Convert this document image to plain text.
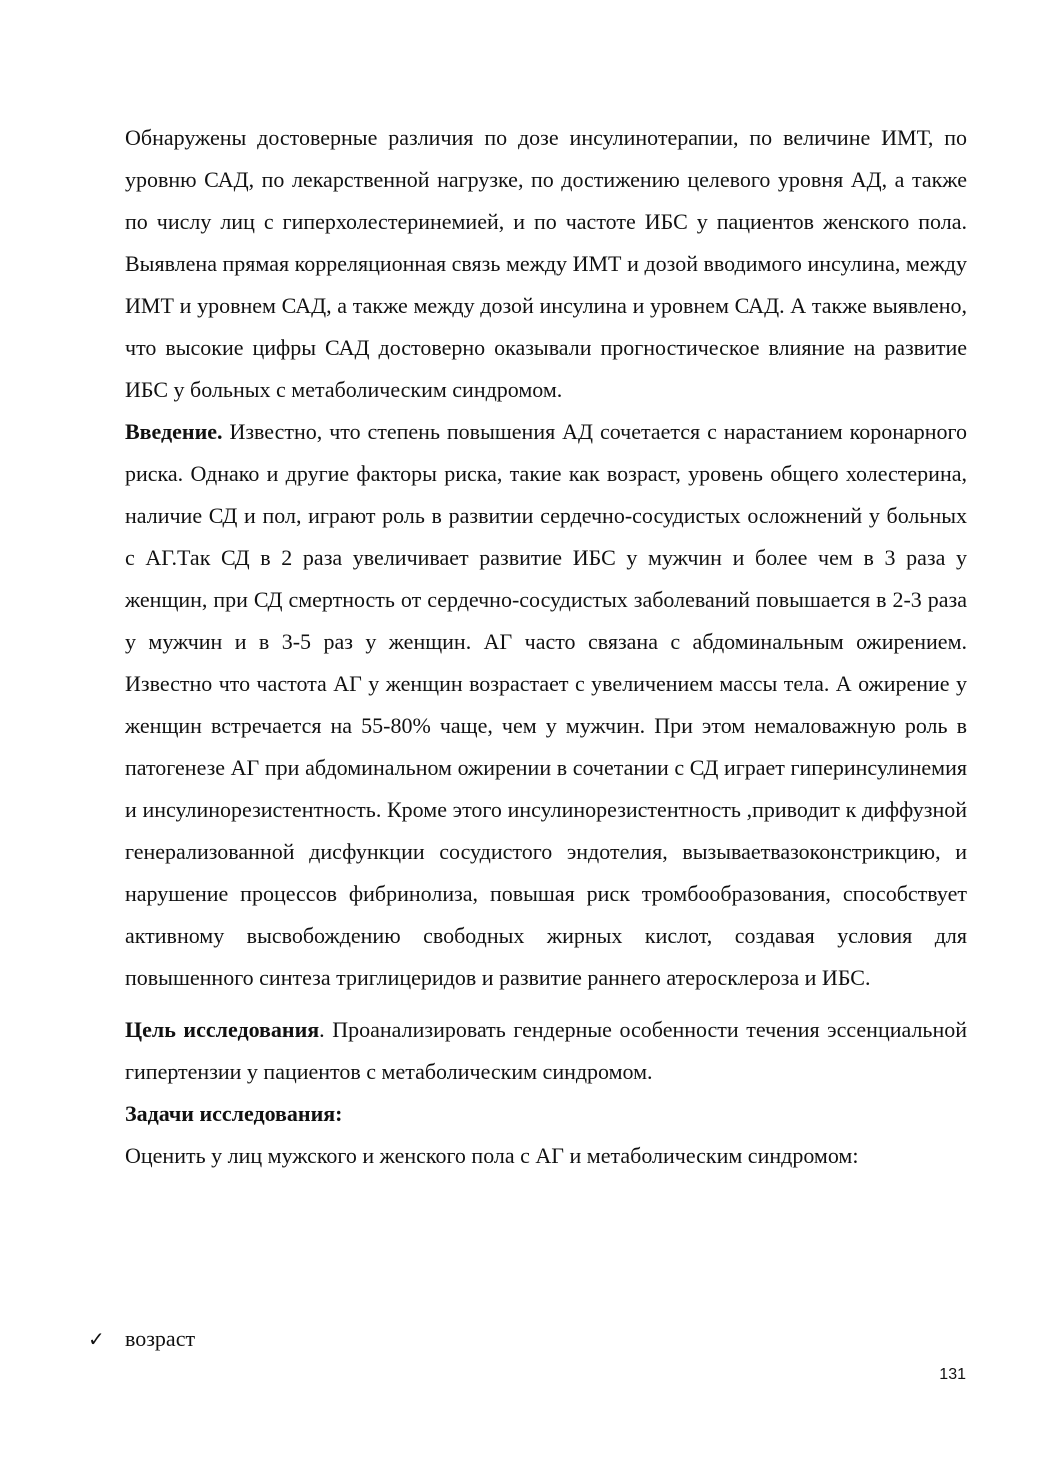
Обнаружены достоверные различия по дозе инсулинотерапии, по величине ИМТ, по уровню САД, по лекарственной нагрузке, по достижению целевого уровня АД, а также по числу лиц с гиперхолестеринемией, и по частоте ИБС у пациентов женского пола. Выявлена прямая корреляционная связь между ИМТ и дозой вводимого инсулина, между ИМТ и уровнем САД, а также между дозой инсулина и уровнем САД. А также выявлено, что высокие цифры САД достоверно оказывали прогностическое влияние на развитие ИБС у больных с метаболическим синдромом.

Введение. Известно, что степень повышения АД сочетается с нарастанием коронарного риска. Однако и другие факторы риска, такие как возраст, уровень общего холестерина, наличие СД и пол, играют роль в развитии сердечно-сосудистых осложнений у больных с АГ.Так СД в 2 раза увеличивает развитие ИБС у мужчин и более чем в 3 раза у женщин, при СД смертность от сердечно-сосудистых заболеваний повышается в 2-3 раза у мужчин и в 3-5 раз у женщин. АГ часто связана с абдоминальным ожирением. Известно что частота АГ у женщин возрастает с увеличением массы тела. А ожирение у женщин встречается на 55-80% чаще, чем у мужчин. При этом немаловажную роль в патогенезе АГ при абдоминальном ожирении в сочетании с СД играет гиперинсулинемия и инсулинорезистентность. Кроме этого инсулинорезистентность ,приводит к диффузной генерализованной дисфункции сосудистого эндотелия, вызываетвазоконстрикцию, и нарушение процессов фибринолиза, повышая риск тромбообразования, способствует активному высвобождению свободных жирных кислот, создавая условия для повышенного синтеза триглицеридов и развитие раннего атеросклероза и ИБС.

Цель исследования. Проанализировать гендерные особенности течения эссенциальной гипертензии у пациентов с метаболическим синдромом.

Задачи исследования:

Оценить у лиц мужского и женского пола с АГ и метаболическим синдромом:

✓ возраст
131
